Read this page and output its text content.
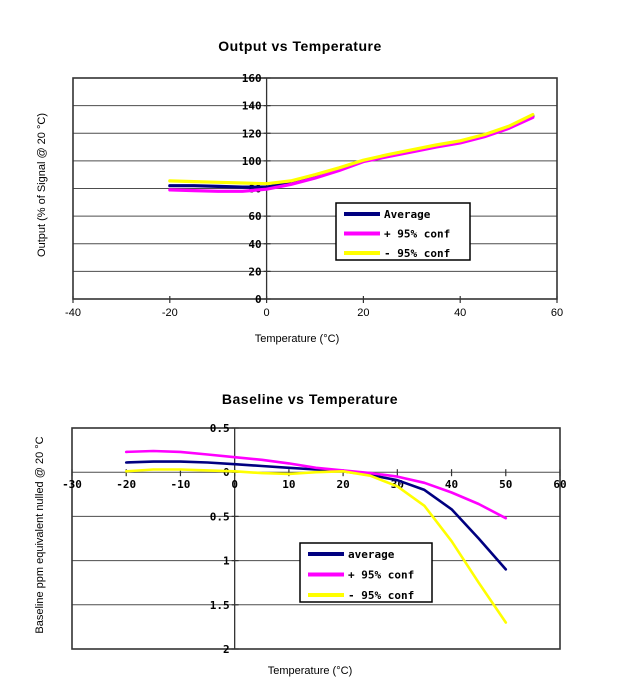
0
20
40
60
80
100
120
140
160
-40	-20	0	20	40	60
Average
+ 95% conf
- 95% conf
Output vs Temperature
Output (% of Signal @ 20 °C)
Temperature (°C)
0.5
0
0.5
1
1.5
2
-30	-20	-10	0	10	20	30	40	50	60
average
+ 95% conf
- 95% conf
Baseline vs Temperature
Baseline ppm equivalent nulled @ 20 °C
Temperature (°C)
